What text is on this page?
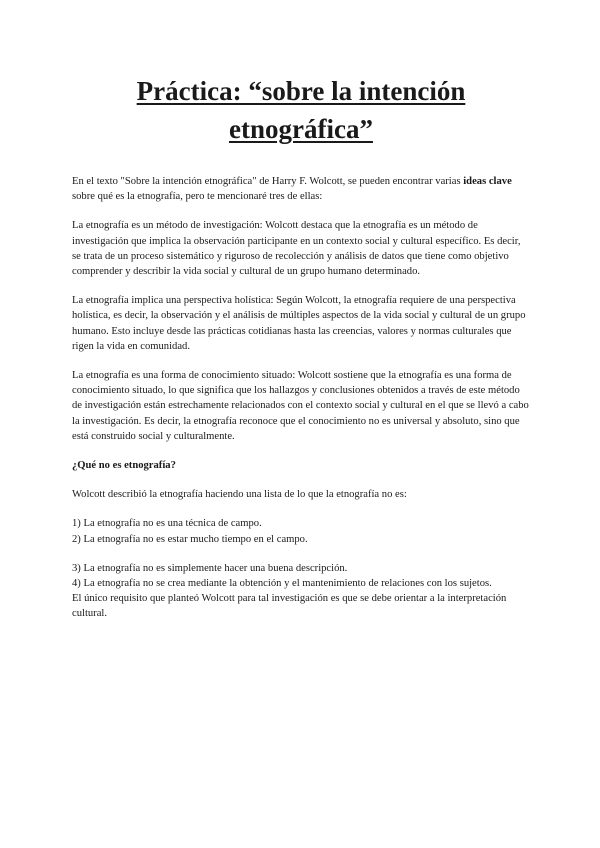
Práctica: “sobre la intención
etnográfica”

En el texto "Sobre la intención etnográfica" de Harry F. Wolcott, se pueden encontrar varias ideas clave sobre qué es la etnografía, pero te mencionaré tres de ellas:

La etnografía es un método de investigación: Wolcott destaca que la etnografía es un método de investigación que implica la observación participante en un contexto social y cultural específico. Es decir, se trata de un proceso sistemático y riguroso de recolección y análisis de datos que tiene como objetivo comprender y describir la vida social y cultural de un grupo humano determinado.

La etnografía implica una perspectiva holística: Según Wolcott, la etnografía requiere de una perspectiva holística, es decir, la observación y el análisis de múltiples aspectos de la vida social y cultural de un grupo humano. Esto incluye desde las prácticas cotidianas hasta las creencias, valores y normas culturales que rigen la vida en comunidad.

La etnografía es una forma de conocimiento situado: Wolcott sostiene que la etnografía es una forma de conocimiento situado, lo que significa que los hallazgos y conclusiones obtenidos a través de este método de investigación están estrechamente relacionados con el contexto social y cultural en el que se llevó a cabo la investigación. Es decir, la etnografía reconoce que el conocimiento no es universal y absoluto, sino que está construido social y culturalmente.

¿Qué no es etnografía?

Wolcott describió la etnografía haciendo una lista de lo que la etnografía no es:

1) La etnografía no es una técnica de campo.
2) La etnografía no es estar mucho tiempo en el campo.
3) La etnografía no es simplemente hacer una buena descripción.
4) La etnografía no se crea mediante la obtención y el mantenimiento de relaciones con los sujetos.
El único requisito que planteó Wolcott para tal investigación es que se debe orientar a la interpretación cultural.
